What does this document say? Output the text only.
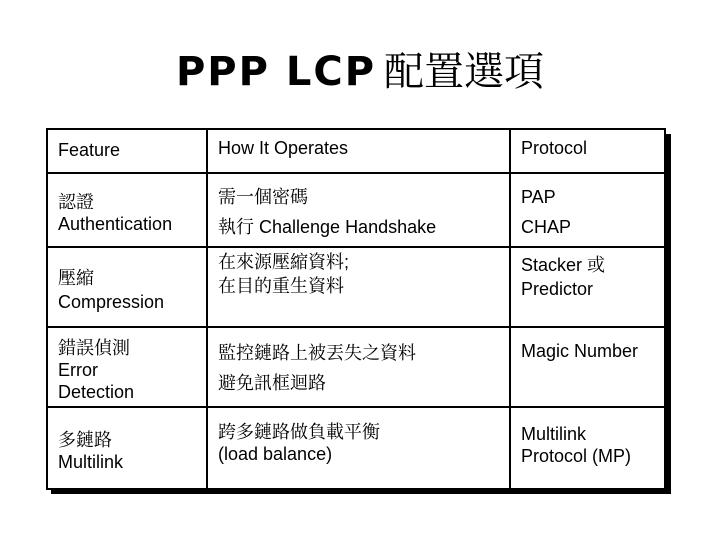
PPP LCP 配置選項
Feature	How It Operates	Protocol
認證
Authentication
需一個密碼
執行 Challenge Handshake
PAP
CHAP
壓縮
Compression
在來源壓縮資料;
在目的重生資料
Stacker 或
Predictor
錯誤偵測
Error
Detection
監控鏈路上被丟失之資料
避免訊框迴路
Magic Number
多鏈路
Multilink
跨多鏈路做負載平衡
(load balance)
Multilink
Protocol (MP)
